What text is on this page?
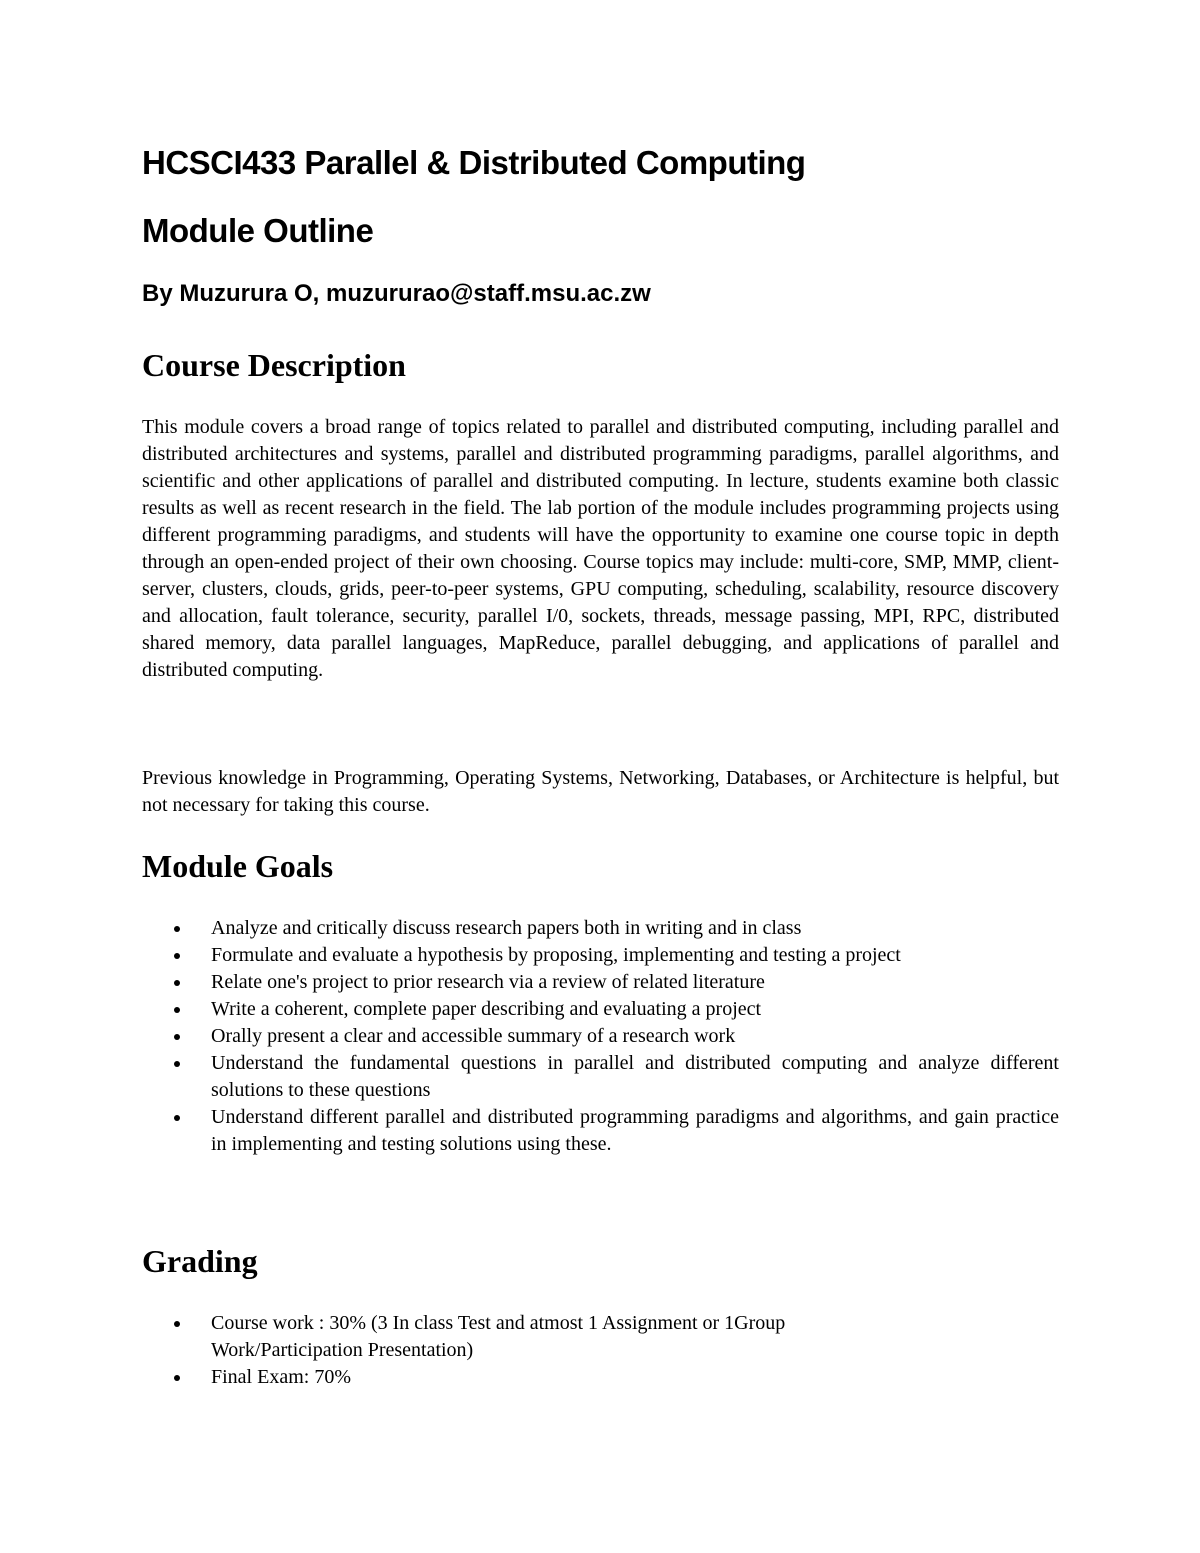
HCSCI433 Parallel & Distributed Computing
Module Outline
By Muzurura O, muzururao@staff.msu.ac.zw
Course Description

This module covers a broad range of topics related to parallel and distributed computing, including parallel and distributed architectures and systems, parallel and distributed programming paradigms, parallel algorithms, and scientific and other applications of parallel and distributed computing. In lecture, students examine both classic results as well as recent research in the field. The lab portion of the module includes programming projects using different programming paradigms, and students will have the opportunity to examine one course topic in depth through an open-ended project of their own choosing. Course topics may include: multi-core, SMP, MMP, client-server, clusters, clouds, grids, peer-to-peer systems, GPU computing, scheduling, scalability, resource discovery and allocation, fault tolerance, security, parallel I/0, sockets, threads, message passing, MPI, RPC, distributed shared memory, data parallel languages, MapReduce, parallel debugging, and applications of parallel and distributed computing.

Previous knowledge in Programming, Operating Systems, Networking, Databases, or Architecture is helpful, but not necessary for taking this course.

Module Goals
Analyze and critically discuss research papers both in writing and in class
Formulate and evaluate a hypothesis by proposing, implementing and testing a project
Relate one's project to prior research via a review of related literature
Write a coherent, complete paper describing and evaluating a project
Orally present a clear and accessible summary of a research work
Understand the fundamental questions in parallel and distributed computing and analyze different solutions to these questions
Understand different parallel and distributed programming paradigms and algorithms, and gain practice in implementing and testing solutions using these.
Grading
Course work : 30% (3 In class Test and atmost 1 Assignment or 1Group Work/Participation Presentation)
Final Exam: 70%
